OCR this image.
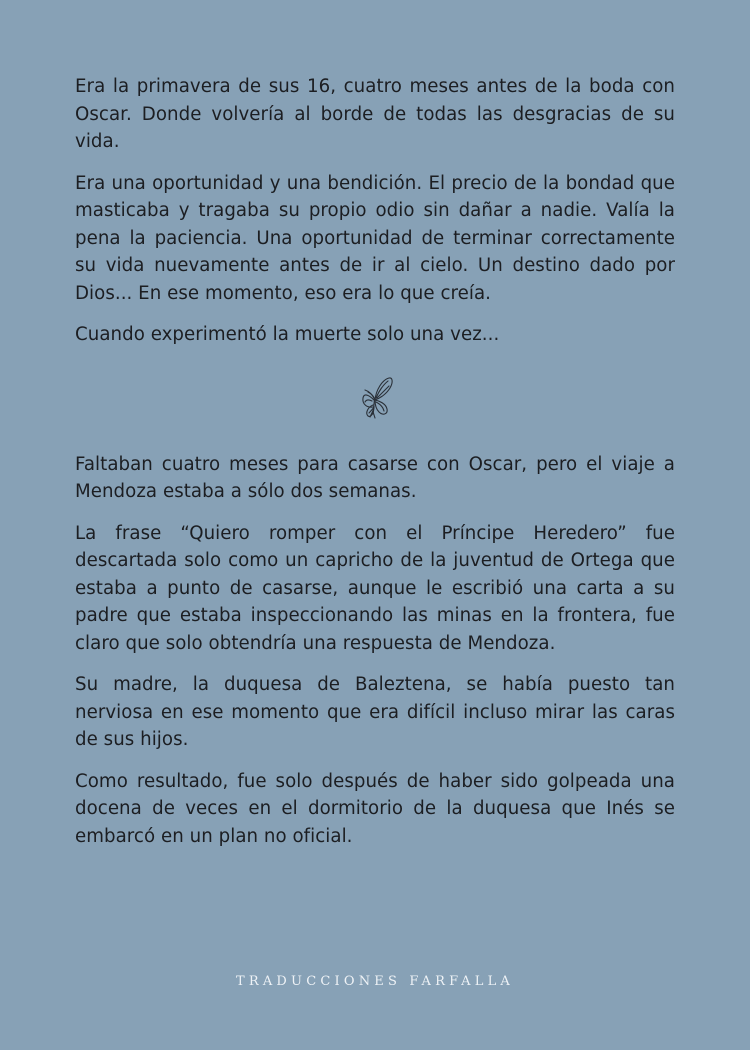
Era la primavera de sus 16, cuatro meses antes de la boda con Oscar. Donde volvería al borde de todas las desgracias de su vida.

Era una oportunidad y una bendición. El precio de la bondad que masticaba y tragaba su propio odio sin dañar a nadie. Valía la pena la paciencia. Una oportunidad de terminar correctamente su vida nuevamente antes de ir al cielo. Un destino dado por Dios... En ese momento, eso era lo que creía.

Cuando experimentó la muerte solo una vez...

Faltaban cuatro meses para casarse con Oscar, pero el viaje a Mendoza estaba a sólo dos semanas.

La frase “Quiero romper con el Príncipe Heredero” fue descartada solo como un capricho de la juventud de Ortega que estaba a punto de casarse, aunque le escribió una carta a su padre que estaba inspeccionando las minas en la frontera, fue claro que solo obtendría una respuesta de Mendoza.

Su madre, la duquesa de Baleztena, se había puesto tan nerviosa en ese momento que era difícil incluso mirar las caras de sus hijos.

Como resultado, fue solo después de haber sido golpeada una docena de veces en el dormitorio de la duquesa que Inés se embarcó en un plan no oficial.

TRADUCCIONES FARFALLA
